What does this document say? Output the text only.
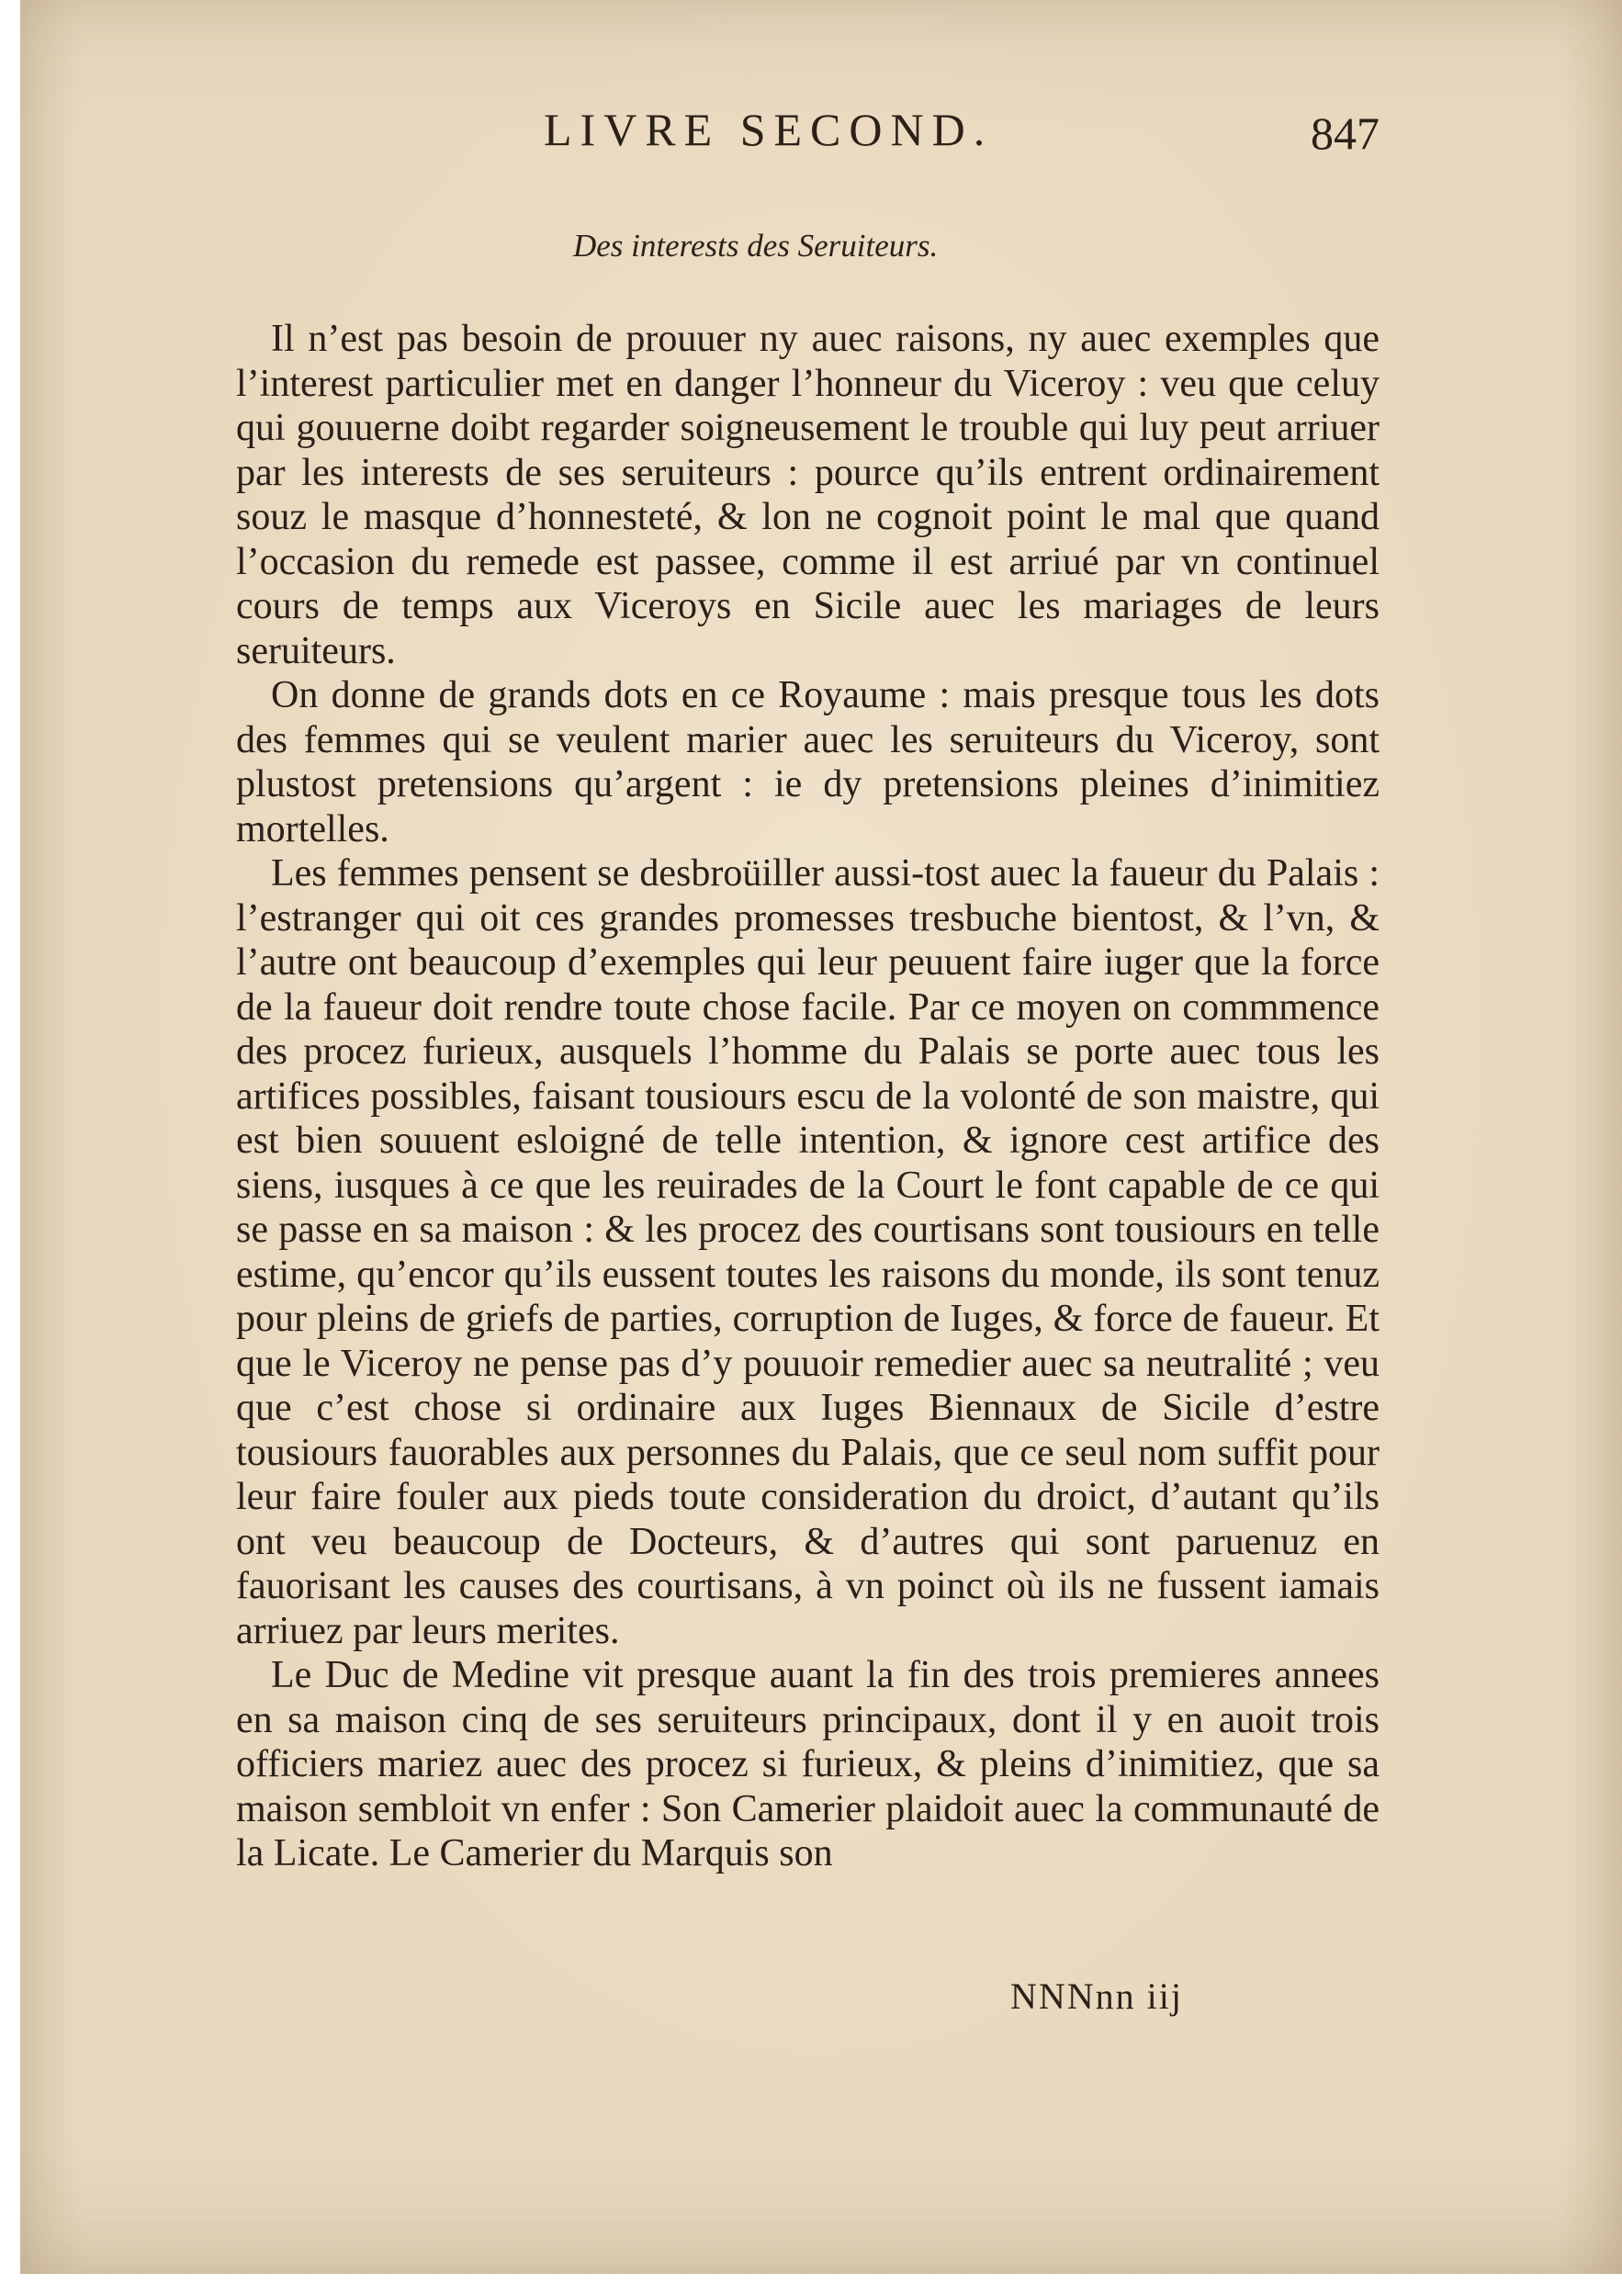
LIVRE SECOND.	847
Des interests des Seruiteurs.

Il n’est pas besoin de prouuer ny auec raisons, ny auec exemples que l’interest particulier met en danger l’honneur du Viceroy : veu que celuy qui gouuerne doibt regarder soigneusement le trouble qui luy peut arriuer par les interests de ses seruiteurs : pource qu’ils entrent ordinairement souz le masque d’honnesteté, & lon ne cognoit point le mal que quand l’occasion du remede est passee, comme il est arriué par vn continuel cours de temps aux Viceroys en Sicile auec les mariages de leurs seruiteurs.

On donne de grands dots en ce Royaume : mais presque tous les dots des femmes qui se veulent marier auec les seruiteurs du Viceroy, sont plustost pretensions qu’argent : ie dy pretensions pleines d’inimitiez mortelles.

Les femmes pensent se desbroüiller aussi-tost auec la faueur du Palais : l’estranger qui oit ces grandes promesses tresbuche bientost, & l’vn, & l’autre ont beaucoup d’exemples qui leur peuuent faire iuger que la force de la faueur doit rendre toute chose facile. Par ce moyen on commmence des procez furieux, ausquels l’homme du Palais se porte auec tous les artifices possibles, faisant tousiours escu de la volonté de son maistre, qui est bien souuent esloigné de telle intention, & ignore cest artifice des siens, iusques à ce que les reuirades de la Court le font capable de ce qui se passe en sa maison : & les procez des courtisans sont tousiours en telle estime, qu’encor qu’ils eussent toutes les raisons du monde, ils sont tenuz pour pleins de griefs de parties, corruption de Iuges, & force de faueur. Et que le Viceroy ne pense pas d’y pouuoir remedier auec sa neutralité ; veu que c’est chose si ordinaire aux Iuges Biennaux de Sicile d’estre tousiours fauorables aux personnes du Palais, que ce seul nom suffit pour leur faire fouler aux pieds toute consideration du droict, d’autant qu’ils ont veu beaucoup de Docteurs, & d’autres qui sont paruenuz en fauorisant les causes des courtisans, à vn poinct où ils ne fussent iamais arriuez par leurs merites.

Le Duc de Medine vit presque auant la fin des trois premieres annees en sa maison cinq de ses seruiteurs principaux, dont il y en auoit trois officiers mariez auec des procez si furieux, & pleins d’inimitiez, que sa maison sembloit vn enfer : Son Camerier plaidoit auec la communauté de la Licate. Le Camerier du Marquis son

NNNnn iij
